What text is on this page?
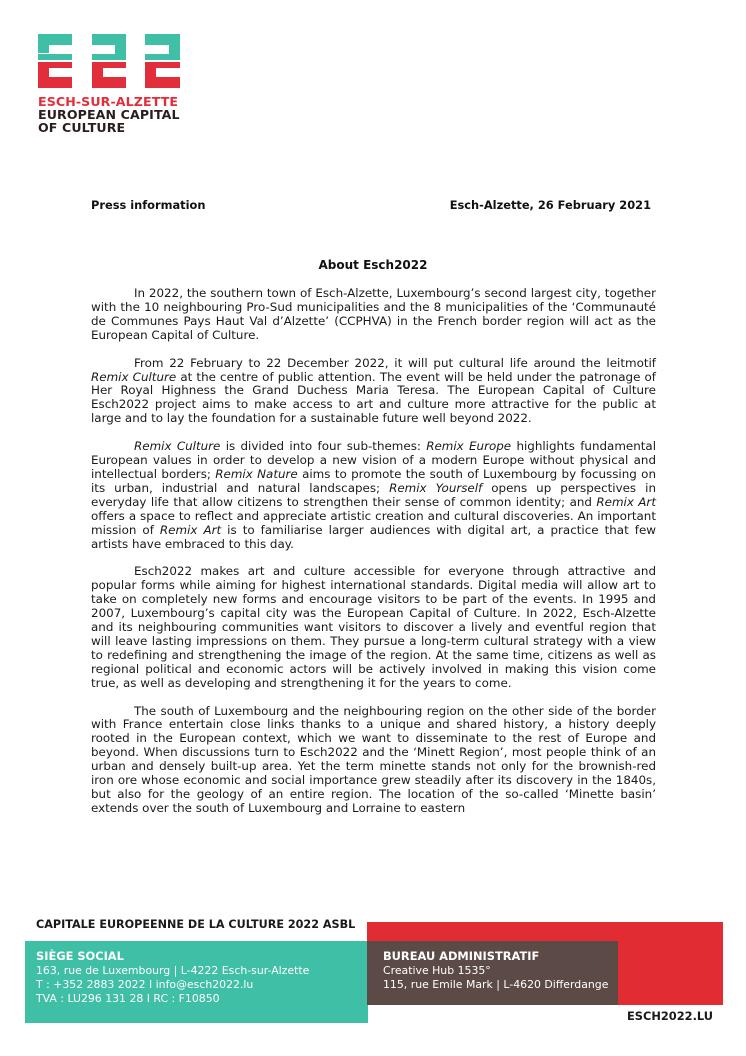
ESCH-SUR-ALZETTE
EUROPEAN CAPITAL
OF CULTURE
Press information	Esch-Alzette, 26 February 2021
About Esch2022

In 2022, the southern town of Esch-Alzette, Luxembourg’s second largest city, together with the 10 neighbouring Pro-Sud municipalities and the 8 municipalities of the ‘Communauté de Communes Pays Haut Val d’Alzette’ (CCPHVA) in the French border region will act as the European Capital of Culture.

From 22 February to 22 December 2022, it will put cultural life around the leitmotif Remix Culture at the centre of public attention. The event will be held under the patronage of Her Royal Highness the Grand Duchess Maria Teresa. The European Capital of Culture Esch2022 project aims to make access to art and culture more attractive for the public at large and to lay the foundation for a sustainable future well beyond 2022.

Remix Culture is divided into four sub-themes: Remix Europe highlights fundamental European values in order to develop a new vision of a modern Europe without physical and intellectual borders; Remix Nature aims to promote the south of Luxembourg by focussing on its urban, industrial and natural landscapes; Remix Yourself opens up perspectives in everyday life that allow citizens to strengthen their sense of common identity; and Remix Art offers a space to reflect and appreciate artistic creation and cultural discoveries. An important mission of Remix Art is to familiarise larger audiences with digital art, a practice that few artists have embraced to this day.

Esch2022 makes art and culture accessible for everyone through attractive and popular forms while aiming for highest international standards. Digital media will allow art to take on completely new forms and encourage visitors to be part of the events. In 1995 and 2007, Luxembourg’s capital city was the European Capital of Culture. In 2022, Esch-Alzette and its neighbouring communities want visitors to discover a lively and eventful region that will leave lasting impressions on them. They pursue a long-term cultural strategy with a view to redefining and strengthening the image of the region. At the same time, citizens as well as regional political and economic actors will be actively involved in making this vision come true, as well as developing and strengthening it for the years to come.

The south of Luxembourg and the neighbouring region on the other side of the border with France entertain close links thanks to a unique and shared history, a history deeply rooted in the European context, which we want to disseminate to the rest of Europe and beyond. When discussions turn to Esch2022 and the ‘Minett Region’, most people think of an urban and densely built-up area. Yet the term minette stands not only for the brownish-red iron ore whose economic and social importance grew steadily after its discovery in the 1840s, but also for the geology of an entire region. The location of the so-called ‘Minette basin’ extends over the south of Luxembourg and Lorraine to eastern

CAPITALE EUROPEENNE DE LA CULTURE 2022 ASBL
SIÈGE SOCIAL
163, rue de Luxembourg | L-4222 Esch-sur-Alzette
T : +352 2883 2022 I info@esch2022.lu
TVA : LU296 131 28 I RC : F10850
BUREAU ADMINISTRATIF
Creative Hub 1535°
115, rue Emile Mark | L-4620 Differdange
ESCH2022.LU
